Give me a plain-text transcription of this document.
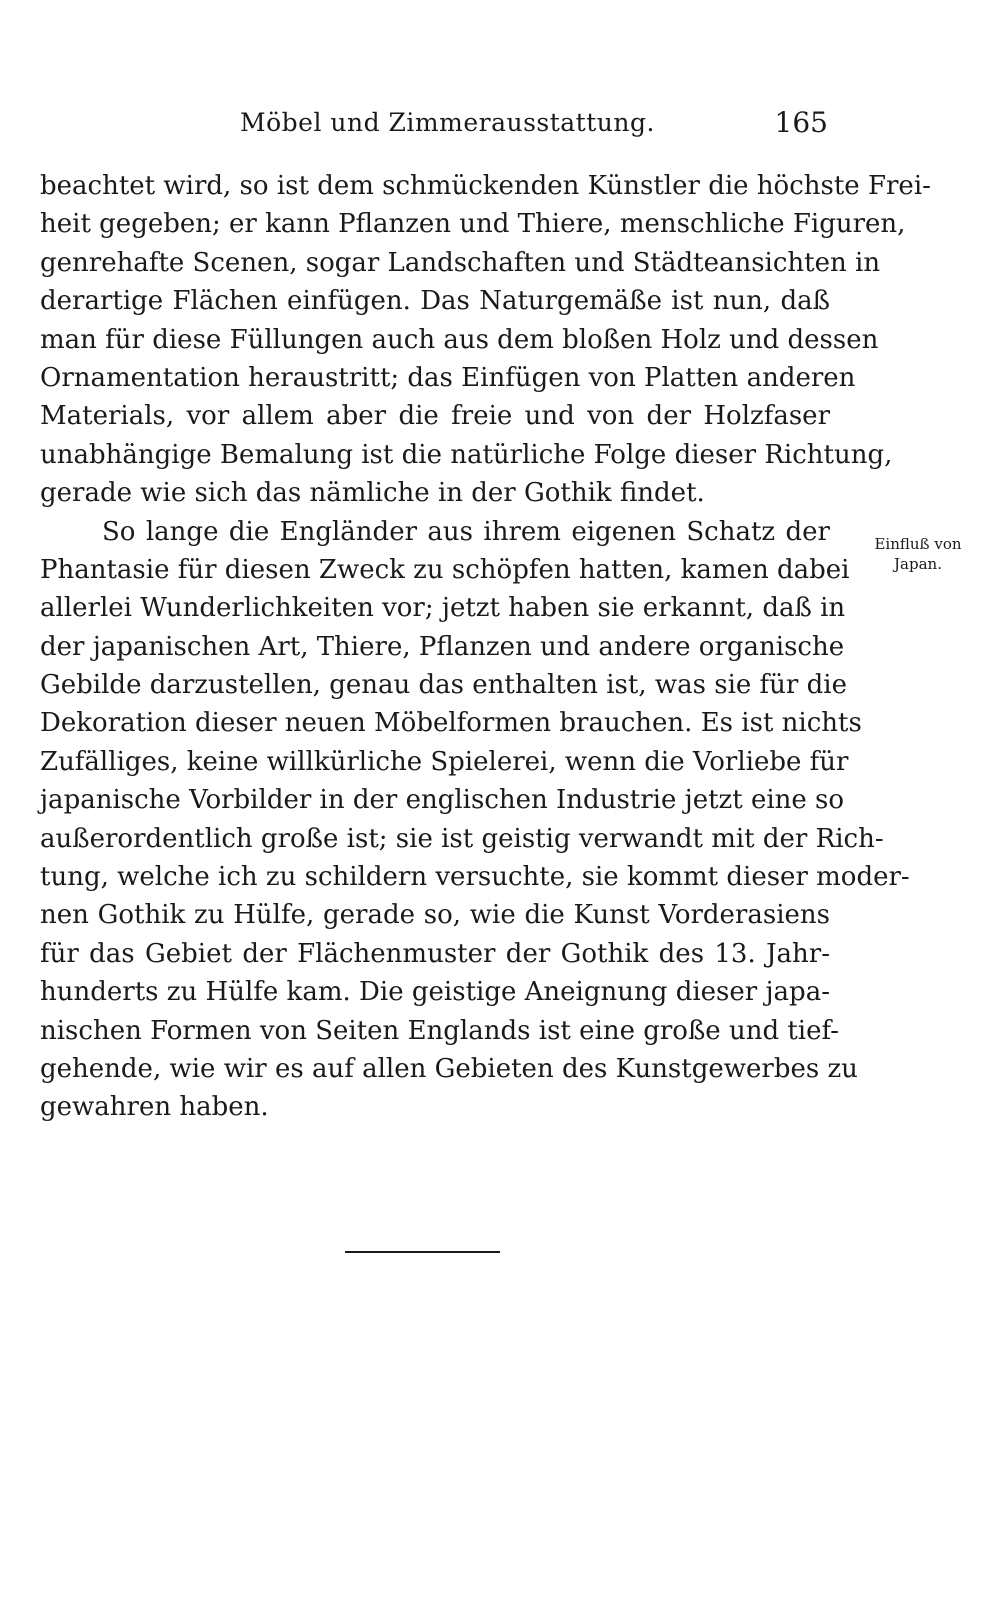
Möbel und Zimmerausstattung.	165
beachtet wird, so ist dem schmückenden Künstler die höchste Frei-
heit gegeben; er kann Pflanzen und Thiere, menschliche Figuren,
genrehafte Scenen, sogar Landschaften und Städteansichten in
derartige Flächen einfügen. Das Naturgemäße ist nun, daß
man für diese Füllungen auch aus dem bloßen Holz und dessen
Ornamentation heraustritt; das Einfügen von Platten anderen
Materials, vor allem aber die freie und von der Holzfaser
unabhängige Bemalung ist die natürliche Folge dieser Richtung,
gerade wie sich das nämliche in der Gothik findet.
So lange die Engländer aus ihrem eigenen Schatz der
Phantasie für diesen Zweck zu schöpfen hatten, kamen dabei
allerlei Wunderlichkeiten vor; jetzt haben sie erkannt, daß in
der japanischen Art, Thiere, Pflanzen und andere organische
Gebilde darzustellen, genau das enthalten ist, was sie für die
Dekoration dieser neuen Möbelformen brauchen. Es ist nichts
Zufälliges, keine willkürliche Spielerei, wenn die Vorliebe für
japanische Vorbilder in der englischen Industrie jetzt eine so
außerordentlich große ist; sie ist geistig verwandt mit der Rich-
tung, welche ich zu schildern versuchte, sie kommt dieser moder-
nen Gothik zu Hülfe, gerade so, wie die Kunst Vorderasiens
für das Gebiet der Flächenmuster der Gothik des 13. Jahr-
hunderts zu Hülfe kam. Die geistige Aneignung dieser japa-
nischen Formen von Seiten Englands ist eine große und tief-
gehende, wie wir es auf allen Gebieten des Kunstgewerbes zu
gewahren haben.
Einfluß von
Japan.
